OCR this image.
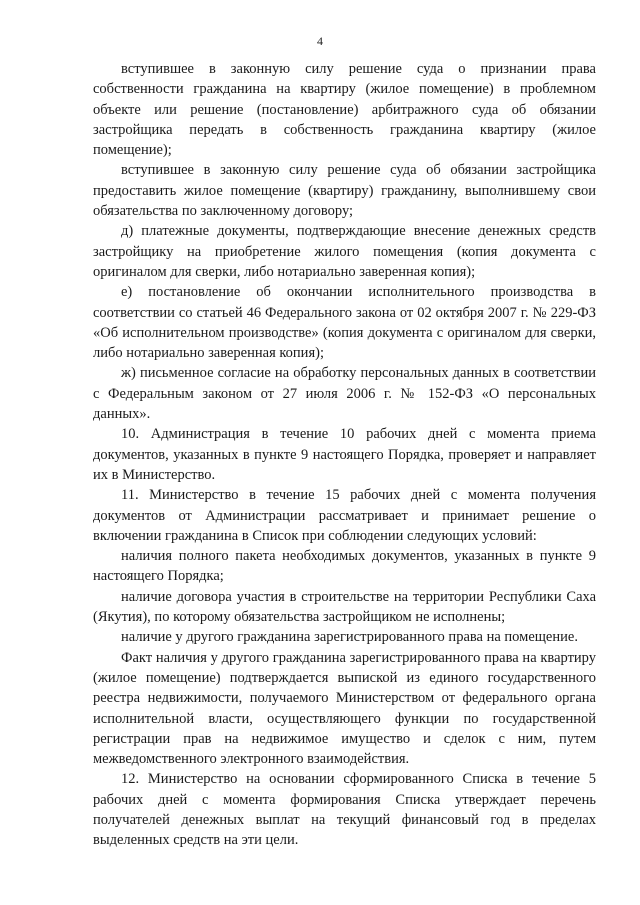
4

вступившее в законную силу решение суда о признании права собственности гражданина на квартиру (жилое помещение) в проблемном объекте или решение (постановление) арбитражного суда об обязании застройщика передать в собственность гражданина квартиру (жилое помещение);

вступившее в законную силу решение суда об обязании застройщика предоставить жилое помещение (квартиру) гражданину, выполнившему свои обязательства по заключенному договору;

д) платежные документы, подтверждающие внесение денежных средств застройщику на приобретение жилого помещения (копия документа с оригиналом для сверки, либо нотариально заверенная копия);

е) постановление об окончании исполнительного производства в соответствии со статьей 46 Федерального закона от 02 октября 2007 г. № 229-ФЗ «Об исполнительном производстве» (копия документа с оригиналом для сверки, либо нотариально заверенная копия);

ж) письменное согласие на обработку персональных данных в соответствии с Федеральным законом от 27 июля 2006 г. № 152-ФЗ «О персональных данных».

10. Администрация в течение 10 рабочих дней с момента приема документов, указанных в пункте 9 настоящего Порядка, проверяет и направляет их в Министерство.

11. Министерство в течение 15 рабочих дней с момента получения документов от Администрации рассматривает и принимает решение о включении гражданина в Список при соблюдении следующих условий:

наличия полного пакета необходимых документов, указанных в пункте 9 настоящего Порядка;

наличие договора участия в строительстве на территории Республики Саха (Якутия), по которому обязательства застройщиком не исполнены;

наличие у другого гражданина зарегистрированного права на помещение.

Факт наличия у другого гражданина зарегистрированного права на квартиру (жилое помещение) подтверждается выпиской из единого государственного реестра недвижимости, получаемого Министерством от федерального органа исполнительной власти, осуществляющего функции по государственной регистрации прав на недвижимое имущество и сделок с ним, путем межведомственного электронного взаимодействия.

12. Министерство на основании сформированного Списка в течение 5 рабочих дней с момента формирования Списка утверждает перечень получателей денежных выплат на текущий финансовый год в пределах выделенных средств на эти цели.
